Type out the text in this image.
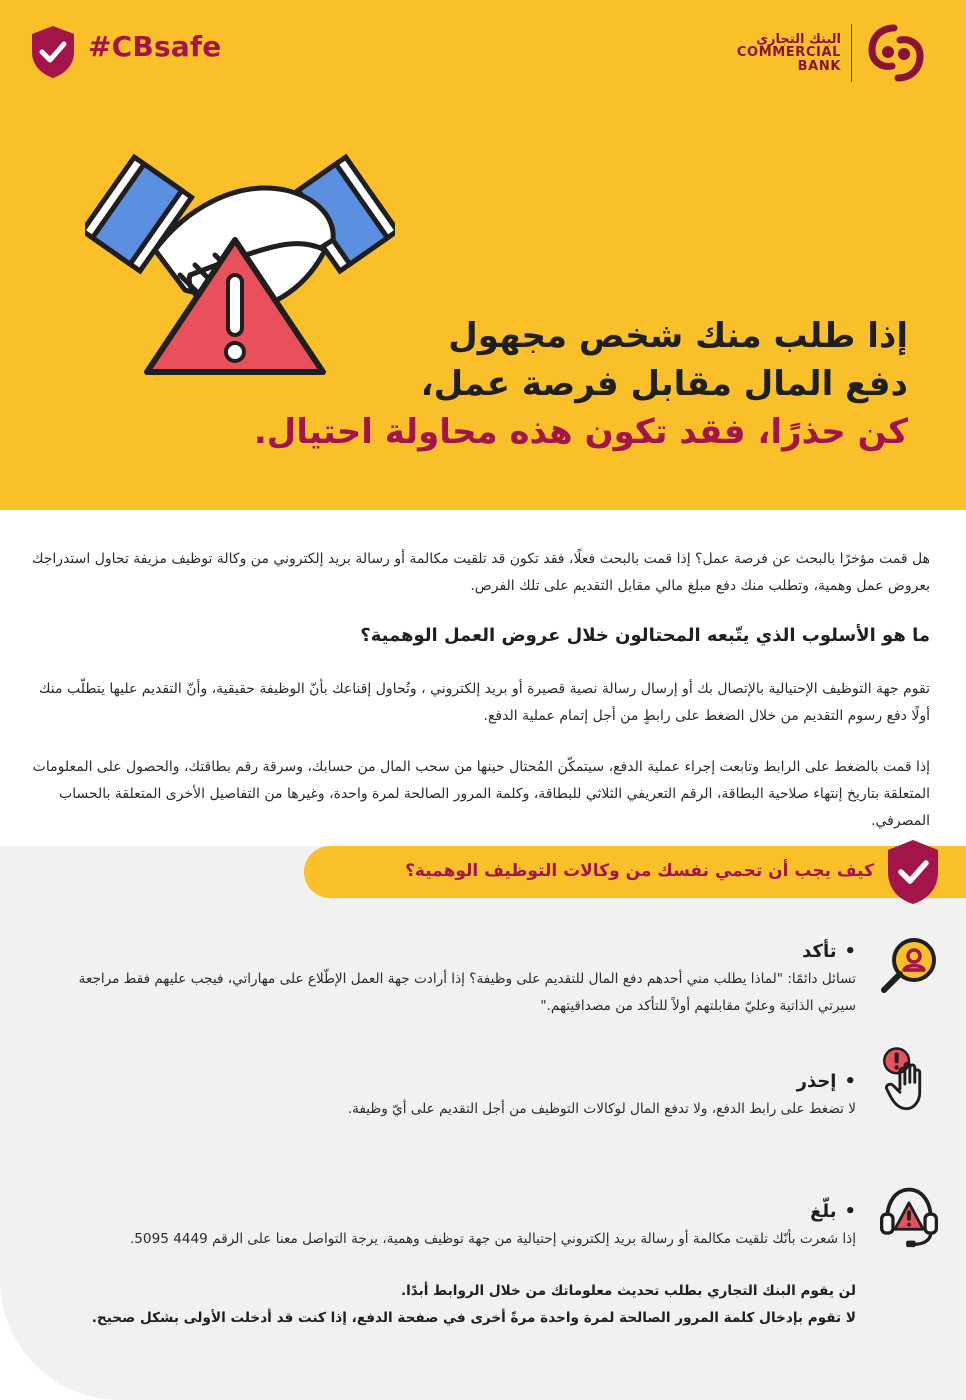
#CBsafe	البنك التجاري
COMMERCIAL
BANK
إذا طلب منك شخص مجهول
دفع المال مقابل فرصة عمل،
كن حذرًا، فقد تكون هذه محاولة احتيال.
هل قمت مؤخرًا بالبحث عن فرصة عمل؟ إذا قمت بالبحث فعلًا، فقد تكون قد تلقيت مكالمة أو رسالة بريد إلكتروني من وكالة توظيف مزيفة تحاول استدراجك بعروض عمل وهمية، وتطلب منك دفع مبلغ مالي مقابل التقديم على تلك الفرص.
ما هو الأسلوب الذي يتّبعه المحتالون خلال عروض العمل الوهمية؟
تقوم جهة التوظيف الإحتيالية بالإتصال بك أو إرسال رسالة نصية قصيرة أو بريد إلكتروني ، وتُحاول إقناعك بأنّ الوظيفة حقيقية، وأنّ التقديم عليها يتطلّب منك أولًا دفع رسوم التقديم من خلال الضغط على رابطٍ من أجل إتمام عملية الدفع.
إذا قمت بالضغط على الرابط وتابعت إجراء عملية الدفع، سيتمكّن المُحتال حينها من سحب المال من حسابك، وسرقة رقم بطاقتك، والحصول على المعلومات المتعلقة بتاريخ إنتهاء صلاحية البطاقة، الرقم التعريفي الثلاثي للبطاقة، وكلمة المرور الصالحة لمرة واحدة، وغيرها من التفاصيل الأخرى المتعلقة بالحساب المصرفي.
كيف يجب أن تحمي نفسك من وكالات التوظيف الوهمية؟
•تأكد
تسائل دائمًا: "لماذا يطلب مني أحدهم دفع المال للتقديم على وظيفة؟ إذا أرادت جهة العمل الإطّلاع على مهاراتي، فيجب عليهم فقط مراجعة سيرتي الذاتية وعليّ مقابلتهم أولاً للتأكد من مصداقيتهم."
•إحذر
لا تضغط على رابط الدفع، ولا تدفع المال لوكالات التوظيف من أجل التقديم على أيّ وظيفة.
•بلّغ
إذا شعرت بأنّك تلقيت مكالمة أو رسالة بريد إلكتروني إحتيالية من جهة توظيف وهمية، يرجة التواصل معنا على الرقم 4449 5095.
لن يقوم البنك التجاري بطلب تحديث معلوماتك من خلال الروابط أبدًا.
لا تقوم بإدخال كلمة المرور الصالحة لمرة واحدة مرةً أخرى في صفحة الدفع، إذا كنت قد أدخلت الأولى بشكل صحيح.
